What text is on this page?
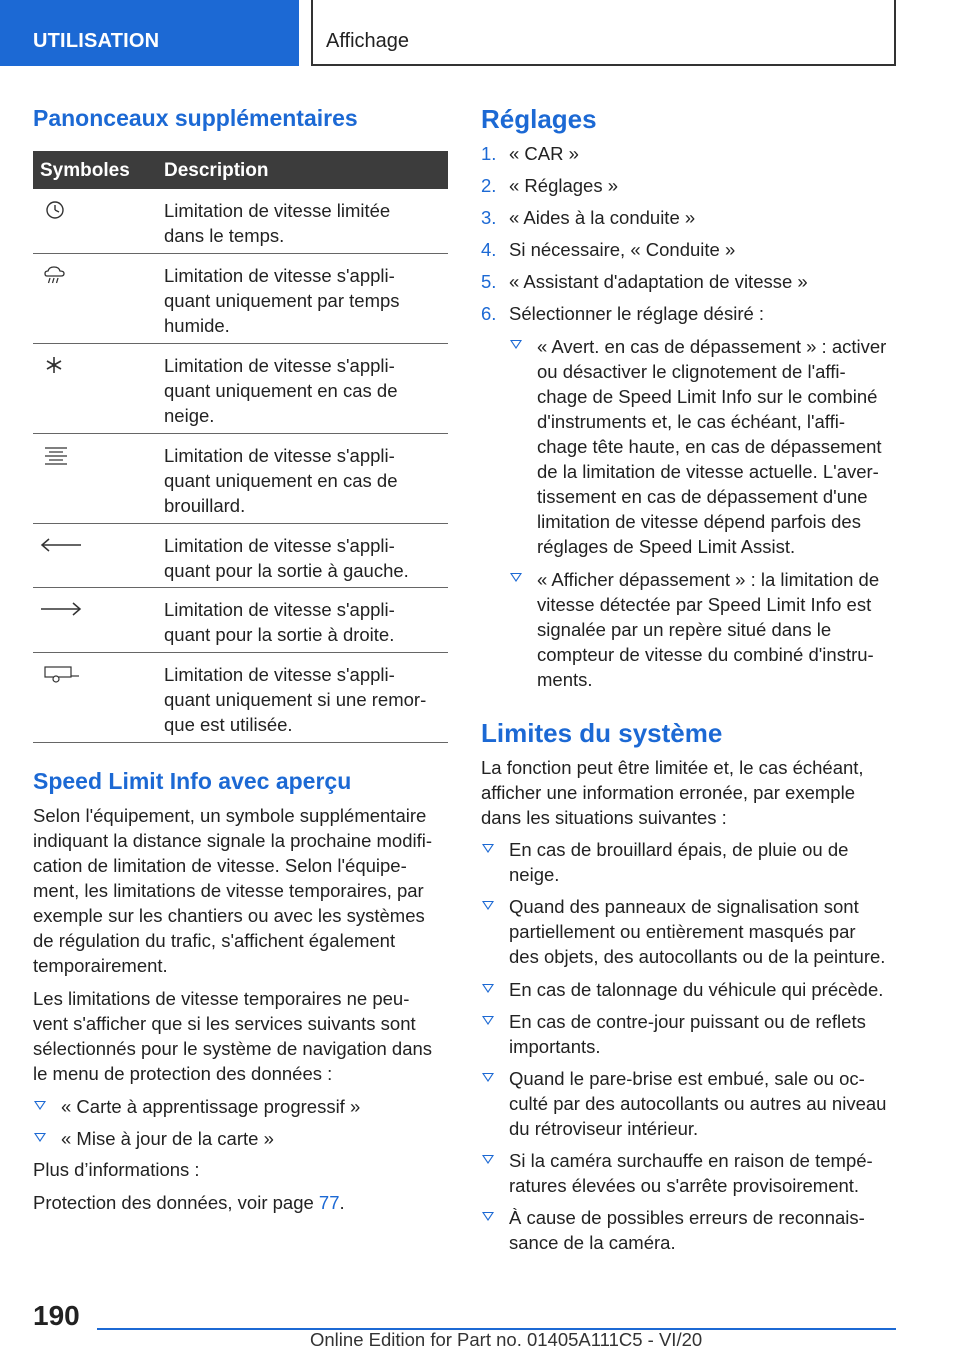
UTILISATION	Affichage
Panonceaux supplémentaires
Symboles Description
Limitation de vitesse limitée
dans le temps.
Limitation de vitesse s'appli-
quant uniquement par temps
humide.
Limitation de vitesse s'appli-
quant uniquement en cas de
neige.
Limitation de vitesse s'appli-
quant uniquement en cas de
brouillard.
Limitation de vitesse s'appli-
quant pour la sortie à gauche.
Limitation de vitesse s'appli-
quant pour la sortie à droite.
Limitation de vitesse s'appli-
quant uniquement si une remor-
que est utilisée.
Speed Limit Info avec aperçu
Selon l'équipement, un symbole supplémentaire
indiquant la distance signale la prochaine modifi-
cation de limitation de vitesse. Selon l'équipe-
ment, les limitations de vitesse temporaires, par
exemple sur les chantiers ou avec les systèmes
de régulation du trafic, s'affichent également
temporairement.
Les limitations de vitesse temporaires ne peu-
vent s'afficher que si les services suivants sont
sélectionnés pour le système de navigation dans
le menu de protection des données :
« Carte à apprentissage progressif »
« Mise à jour de la carte »
Plus d’informations :
Protection des données, voir page 77.
Réglages
1. « CAR »
2. « Réglages »
3. « Aides à la conduite »
4. Si nécessaire, « Conduite »
5. « Assistant d'adaptation de vitesse »
6. Sélectionner le réglage désiré :
« Avert. en cas de dépassement » : activer
ou désactiver le clignotement de l'affi-
chage de Speed Limit Info sur le combiné
d'instruments et, le cas échéant, l'affi-
chage tête haute, en cas de dépassement
de la limitation de vitesse actuelle. L'aver-
tissement en cas de dépassement d'une
limitation de vitesse dépend parfois des
réglages de Speed Limit Assist.
« Afficher dépassement » : la limitation de
vitesse détectée par Speed Limit Info est
signalée par un repère situé dans le
compteur de vitesse du combiné d'instru-
ments.
Limites du système
La fonction peut être limitée et, le cas échéant,
afficher une information erronée, par exemple
dans les situations suivantes :
En cas de brouillard épais, de pluie ou de
neige.
Quand des panneaux de signalisation sont
partiellement ou entièrement masqués par
des objets, des autocollants ou de la peinture.
En cas de talonnage du véhicule qui précède.
En cas de contre-jour puissant ou de reflets
importants.
Quand le pare-brise est embué, sale ou oc-
culté par des autocollants ou autres au niveau
du rétroviseur intérieur.
Si la caméra surchauffe en raison de tempé-
ratures élevées ou s'arrête provisoirement.
À cause de possibles erreurs de reconnais-
sance de la caméra.
190
Online Edition for Part no. 01405A111C5 - VI/20
